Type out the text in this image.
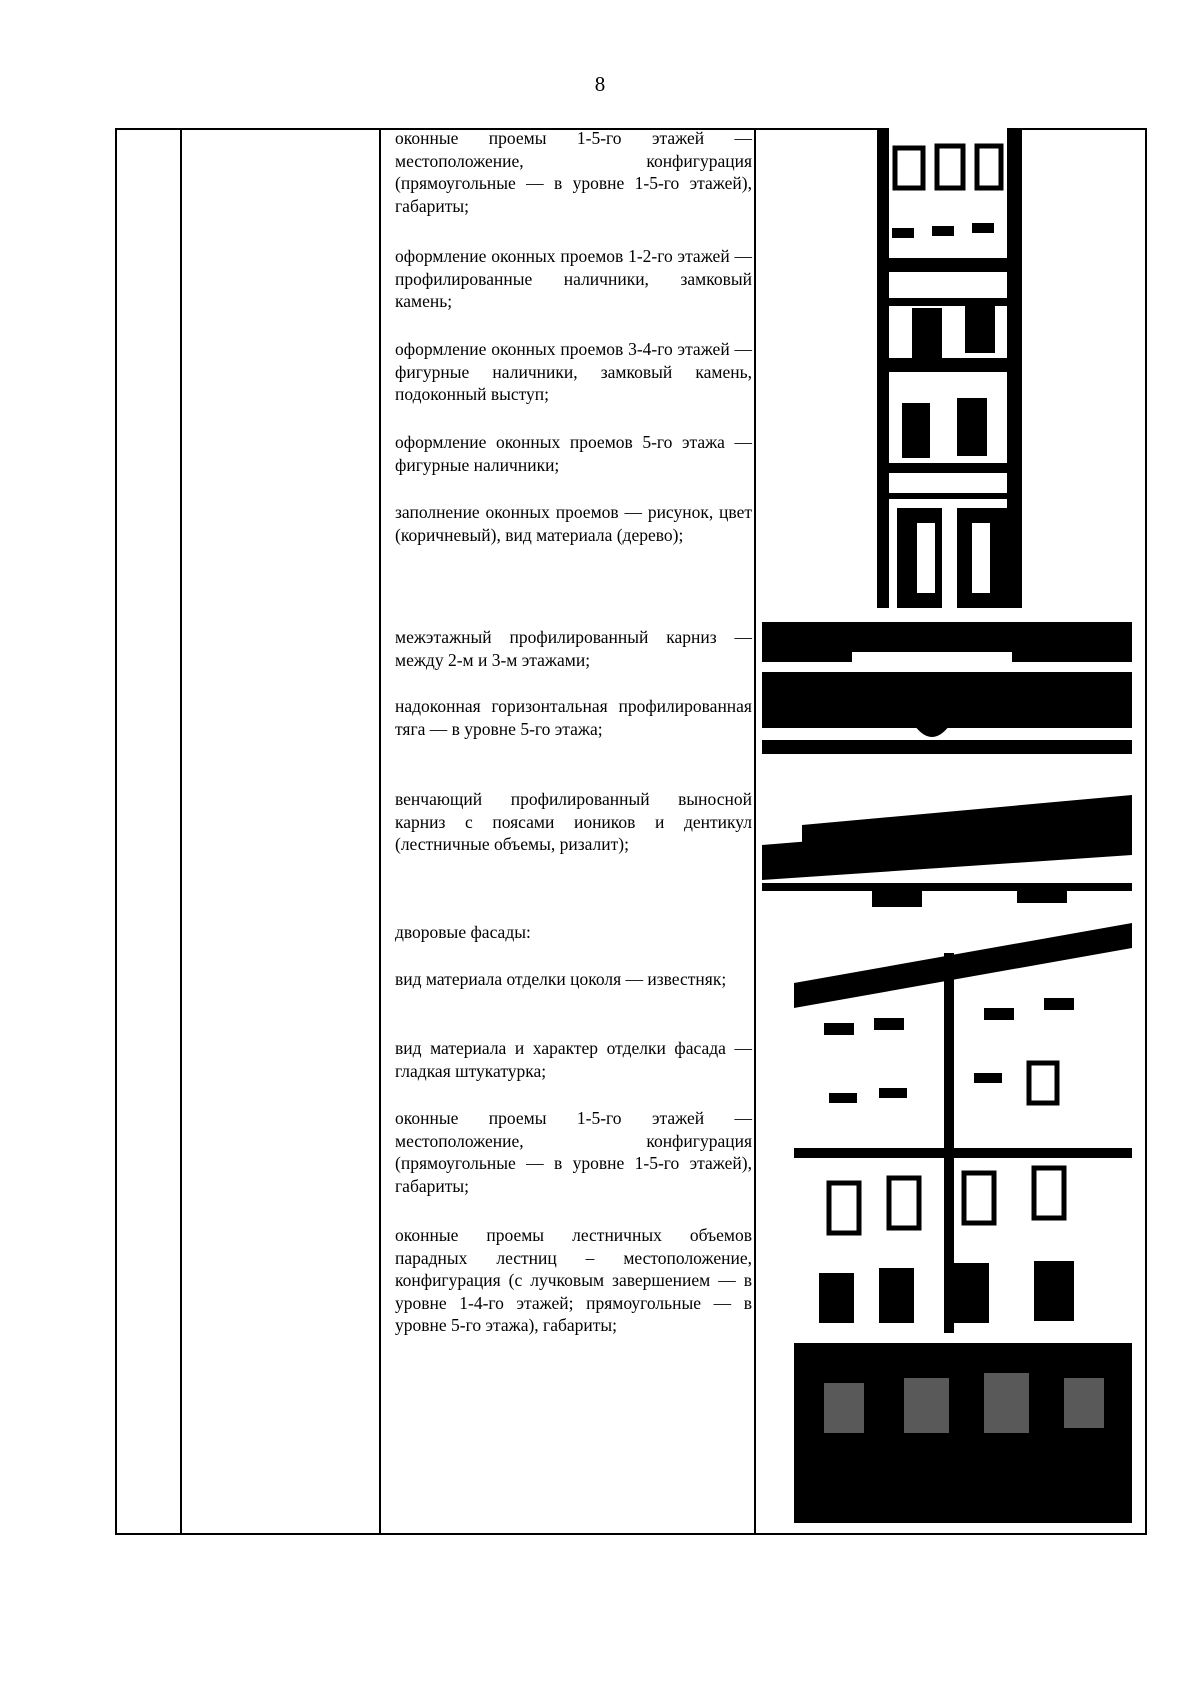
8

оконные проемы 1-5-го этажей — местоположение, конфигурация (прямоугольные — в уровне 1-5-го этажей), габариты;

оформление оконных проемов 1-2-го этажей — профилированные наличники, замковый камень;

оформление оконных проемов 3-4-го этажей — фигурные наличники, замковый камень, подоконный выступ;

оформление оконных проемов 5-го этажа — фигурные наличники;

заполнение оконных проемов — рисунок, цвет (коричневый), вид материала (дерево);

межэтажный профилированный карниз — между 2-м и 3-м этажами;

надоконная горизонтальная профилированная тяга — в уровне 5-го этажа;

венчающий профилированный выносной карниз с поясами иоников и дентикул (лестничные объемы, ризалит);

дворовые фасады:

вид материала отделки цоколя — известняк;

вид материала и характер отделки фасада — гладкая штукатурка;

оконные проемы 1-5-го этажей — местоположение, конфигурация (прямоугольные — в уровне 1-5-го этажей), габариты;

оконные проемы лестничных объемов парадных лестниц – местоположение, конфигурация (с лучковым завершением — в уровне 1-4-го этажей; прямоугольные — в уровне 5-го этажа), габариты;
